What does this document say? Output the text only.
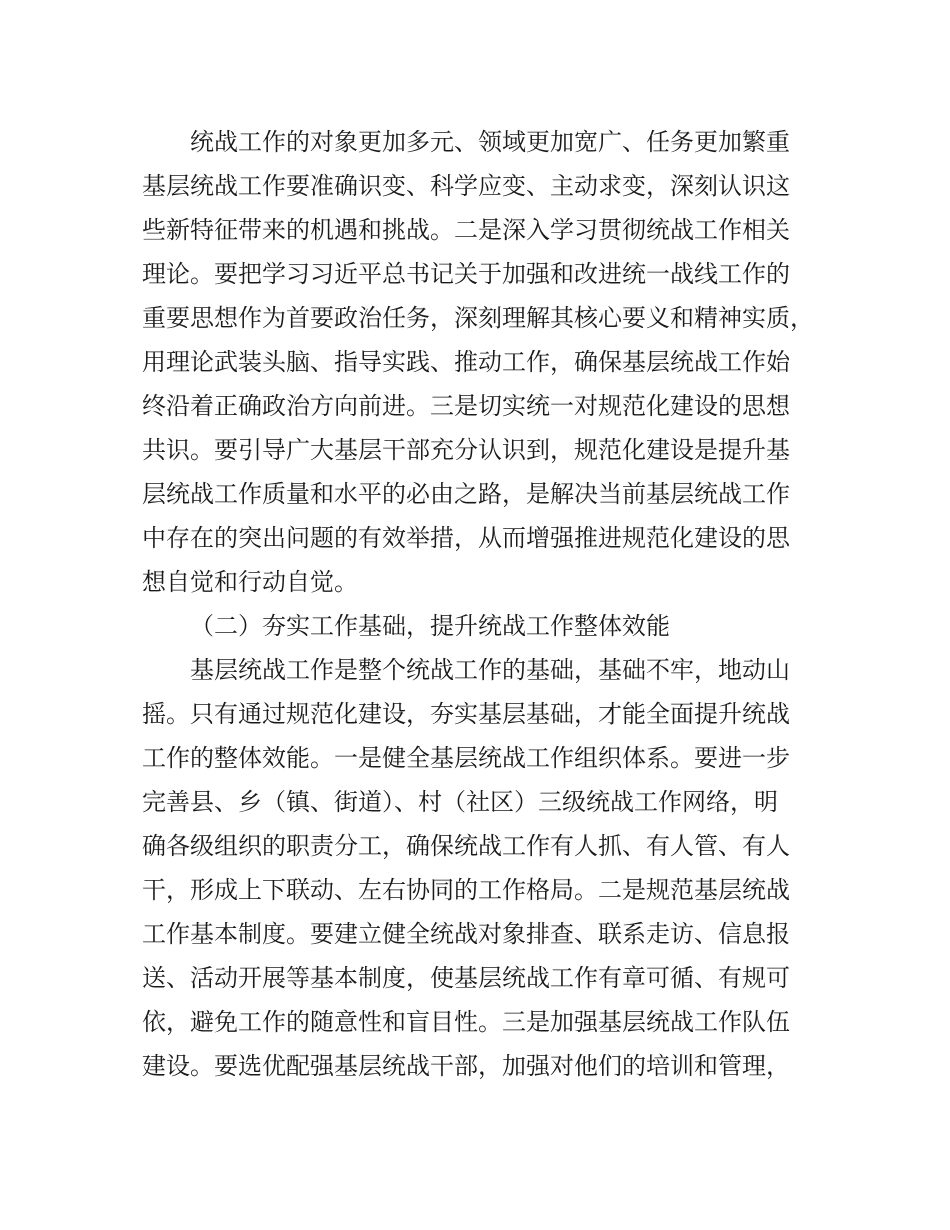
统战工作的对象更加多元、领域更加宽广、任务更加繁重
基层统战工作要准确识变、科学应变、主动求变，深刻认识这
些新特征带来的机遇和挑战。二是深入学习贯彻统战工作相关
理论。要把学习习近平总书记关于加强和改进统一战线工作的
重要思想作为首要政治任务，深刻理解其核心要义和精神实质，
用理论武装头脑、指导实践、推动工作，确保基层统战工作始
终沿着正确政治方向前进。三是切实统一对规范化建设的思想
共识。要引导广大基层干部充分认识到，规范化建设是提升基
层统战工作质量和水平的必由之路，是解决当前基层统战工作
中存在的突出问题的有效举措，从而增强推进规范化建设的思
想自觉和行动自觉。
（二）夯实工作基础，提升统战工作整体效能
基层统战工作是整个统战工作的基础，基础不牢，地动山
摇。只有通过规范化建设，夯实基层基础，才能全面提升统战
工作的整体效能。一是健全基层统战工作组织体系。要进一步
完善县、乡（镇、街道）、村（社区）三级统战工作网络，明
确各级组织的职责分工，确保统战工作有人抓、有人管、有人
干，形成上下联动、左右协同的工作格局。二是规范基层统战
工作基本制度。要建立健全统战对象排查、联系走访、信息报
送、活动开展等基本制度，使基层统战工作有章可循、有规可
依，避免工作的随意性和盲目性。三是加强基层统战工作队伍
建设。要选优配强基层统战干部，加强对他们的培训和管理，
